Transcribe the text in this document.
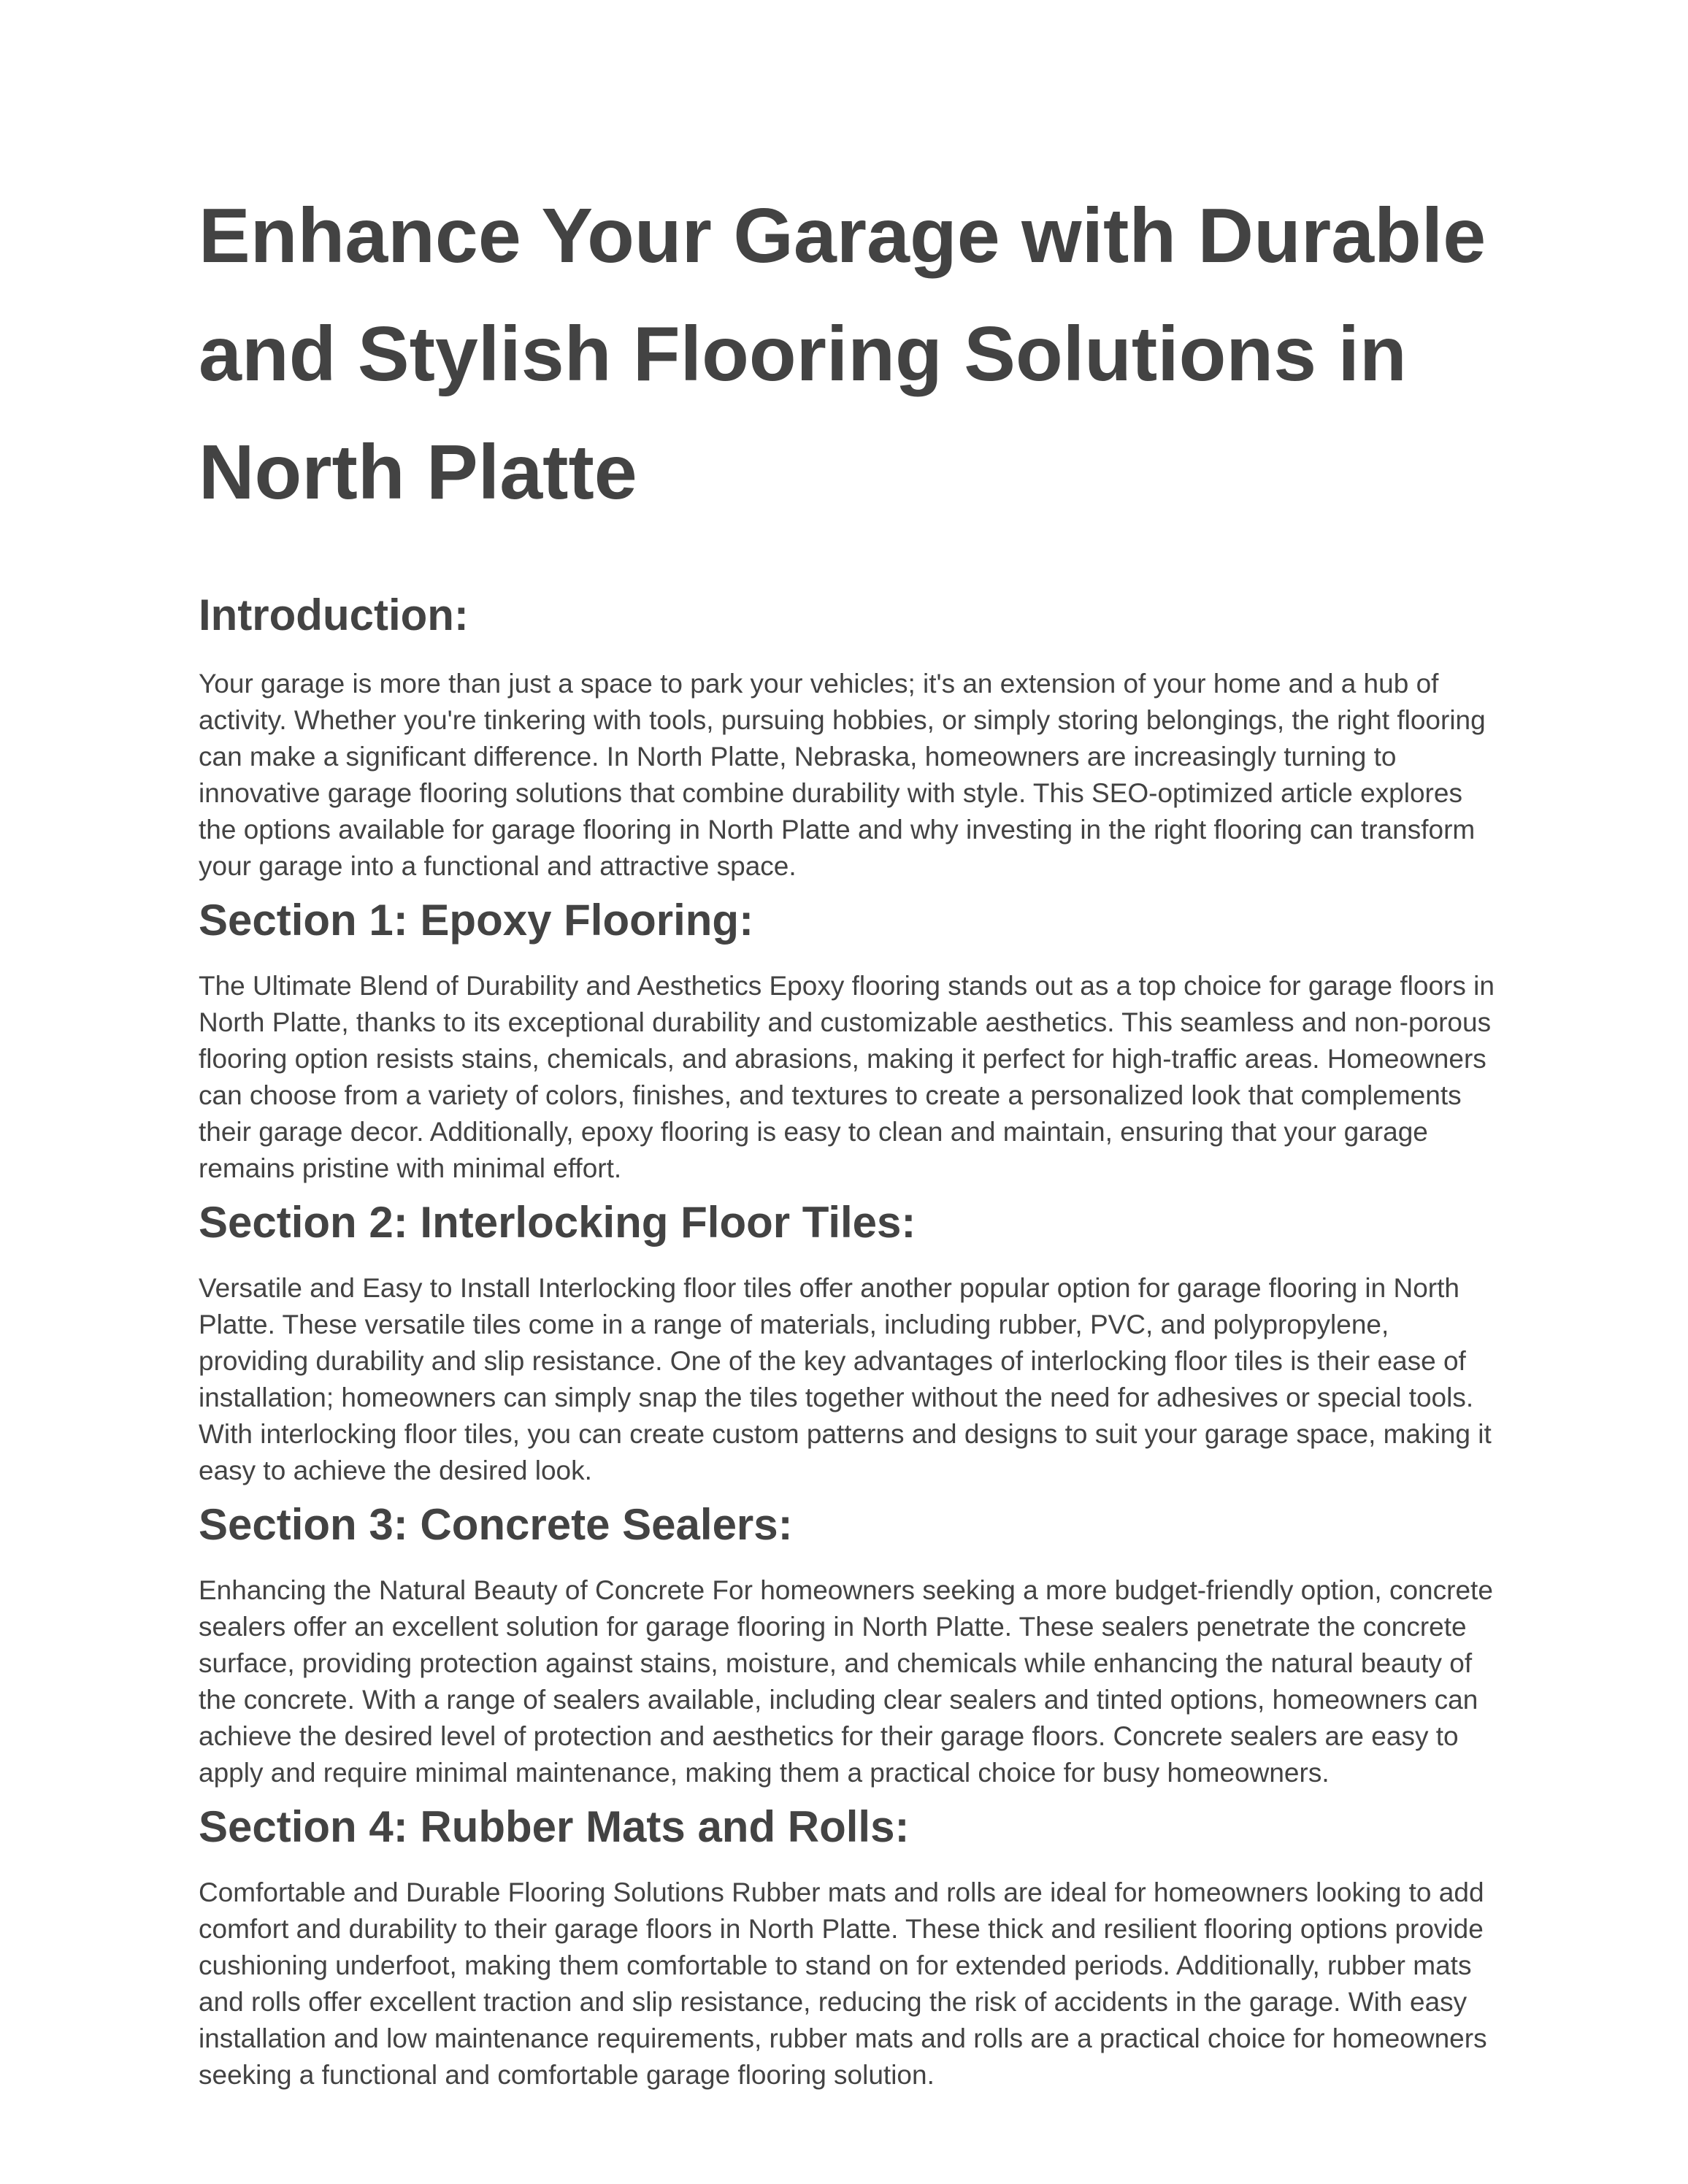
Enhance Your Garage with Durable and Stylish Flooring Solutions in North Platte
Introduction:

Your garage is more than just a space to park your vehicles; it's an extension of your home and a hub of activity. Whether you're tinkering with tools, pursuing hobbies, or simply storing belongings, the right flooring can make a significant difference. In North Platte, Nebraska, homeowners are increasingly turning to innovative garage flooring solutions that combine durability with style. This SEO-optimized article explores the options available for garage flooring in North Platte and why investing in the right flooring can transform your garage into a functional and attractive space.

Section 1: Epoxy Flooring:

The Ultimate Blend of Durability and Aesthetics Epoxy flooring stands out as a top choice for garage floors in North Platte, thanks to its exceptional durability and customizable aesthetics. This seamless and non-porous flooring option resists stains, chemicals, and abrasions, making it perfect for high-traffic areas. Homeowners can choose from a variety of colors, finishes, and textures to create a personalized look that complements their garage decor. Additionally, epoxy flooring is easy to clean and maintain, ensuring that your garage remains pristine with minimal effort.

Section 2: Interlocking Floor Tiles:

Versatile and Easy to Install Interlocking floor tiles offer another popular option for garage flooring in North Platte. These versatile tiles come in a range of materials, including rubber, PVC, and polypropylene, providing durability and slip resistance. One of the key advantages of interlocking floor tiles is their ease of installation; homeowners can simply snap the tiles together without the need for adhesives or special tools. With interlocking floor tiles, you can create custom patterns and designs to suit your garage space, making it easy to achieve the desired look.

Section 3: Concrete Sealers:

Enhancing the Natural Beauty of Concrete For homeowners seeking a more budget-friendly option, concrete sealers offer an excellent solution for garage flooring in North Platte. These sealers penetrate the concrete surface, providing protection against stains, moisture, and chemicals while enhancing the natural beauty of the concrete. With a range of sealers available, including clear sealers and tinted options, homeowners can achieve the desired level of protection and aesthetics for their garage floors. Concrete sealers are easy to apply and require minimal maintenance, making them a practical choice for busy homeowners.

Section 4: Rubber Mats and Rolls:

Comfortable and Durable Flooring Solutions Rubber mats and rolls are ideal for homeowners looking to add comfort and durability to their garage floors in North Platte. These thick and resilient flooring options provide cushioning underfoot, making them comfortable to stand on for extended periods. Additionally, rubber mats and rolls offer excellent traction and slip resistance, reducing the risk of accidents in the garage. With easy installation and low maintenance requirements, rubber mats and rolls are a practical choice for homeowners seeking a functional and comfortable garage flooring solution.
